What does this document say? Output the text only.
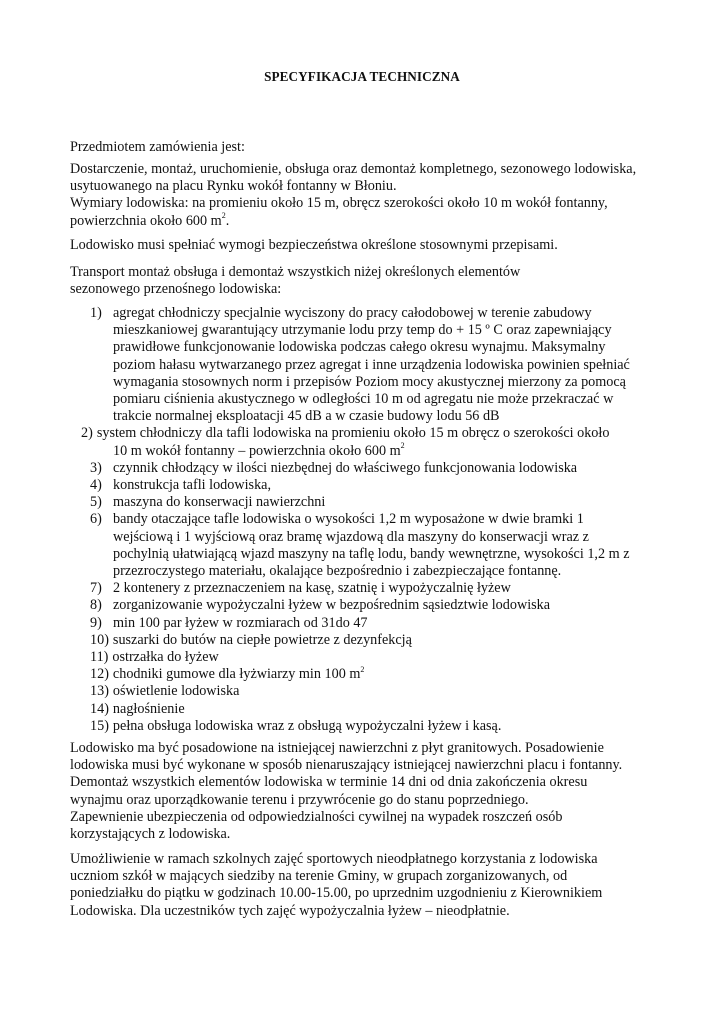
SPECYFIKACJA TECHNICZNA

Przedmiotem zamówienia jest:

Dostarczenie, montaż, uruchomienie, obsługa oraz demontaż kompletnego, sezonowego lodowiska,

usytuowanego na placu Rynku wokół fontanny w Błoniu.

Wymiary lodowiska: na promieniu około 15 m, obręcz szerokości około 10 m wokół fontanny,

powierzchnia około 600 $m^2$.

Lodowisko musi spełniać wymogi bezpieczeństwa określone stosownymi przepisami.

Transport montaż obsługa i demontaż wszystkich niżej określonych elementów

sezonowego przenośnego lodowiska:

1) agregat chłodniczy specjalnie wyciszony do pracy całodobowej w terenie zabudowy
mieszkaniowej gwarantujący utrzymanie lodu przy temp do + 15 º C oraz zapewniający
prawidłowe funkcjonowanie lodowiska podczas całego okresu wynajmu. Maksymalny
poziom hałasu wytwarzanego przez agregat i inne urządzenia lodowiska powinien spełniać
wymagania stosownych norm i przepisów Poziom mocy akustycznej mierzony za pomocą
pomiaru ciśnienia akustycznego w odległości 10 m od agregatu nie może przekraczać w
trakcie normalnej eksploatacji 45 dB a w czasie budowy lodu 56 dB
2) system chłodniczy dla tafli lodowiska na promieniu około 15 m obręcz o szerokości około
10 m wokół fontanny – powierzchnia około 600 $m^2$
3) czynnik chłodzący w ilości niezbędnej do właściwego funkcjonowania lodowiska
4) konstrukcja tafli lodowiska,
5) maszyna do konserwacji nawierzchni
6) bandy otaczające tafle lodowiska o wysokości 1,2 m wyposażone w dwie bramki 1
wejściową i 1 wyjściową oraz bramę wjazdową dla maszyny do konserwacji wraz z
pochylnią ułatwiającą wjazd maszyny na taflę lodu, bandy wewnętrzne, wysokości 1,2 m z
przezroczystego materiału, okalające bezpośrednio i zabezpieczające fontannę.
7) 2 kontenery z przeznaczeniem na kasę, szatnię i wypożyczalnię łyżew
8) zorganizowanie wypożyczalni łyżew w bezpośrednim sąsiedztwie lodowiska
9) min 100 par łyżew w rozmiarach od 31do 47
10) suszarki do butów na ciepłe powietrze z dezynfekcją
11) ostrzałka do łyżew
12) chodniki gumowe dla łyżwiarzy min 100 $m^2$
13) oświetlenie lodowiska
14) nagłośnienie
15) pełna obsługa lodowiska wraz z obsługą wypożyczalni łyżew i kasą.

Lodowisko ma być posadowione na istniejącej nawierzchni z płyt granitowych. Posadowienie

lodowiska musi być wykonane w sposób nienaruszający istniejącej nawierzchni placu i fontanny.

Demontaż wszystkich elementów lodowiska w terminie 14 dni od dnia zakończenia okresu

wynajmu oraz uporządkowanie terenu i przywrócenie go do stanu poprzedniego.

Zapewnienie ubezpieczenia od odpowiedzialności cywilnej na wypadek roszczeń osób

korzystających z lodowiska.

Umożliwienie w ramach szkolnych zajęć sportowych nieodpłatnego korzystania z lodowiska

uczniom szkół w mających siedziby na terenie Gminy, w grupach zorganizowanych, od

poniedziałku do piątku w godzinach 10.00-15.00, po uprzednim uzgodnieniu z Kierownikiem

Lodowiska. Dla uczestników tych zajęć wypożyczalnia łyżew – nieodpłatnie.
